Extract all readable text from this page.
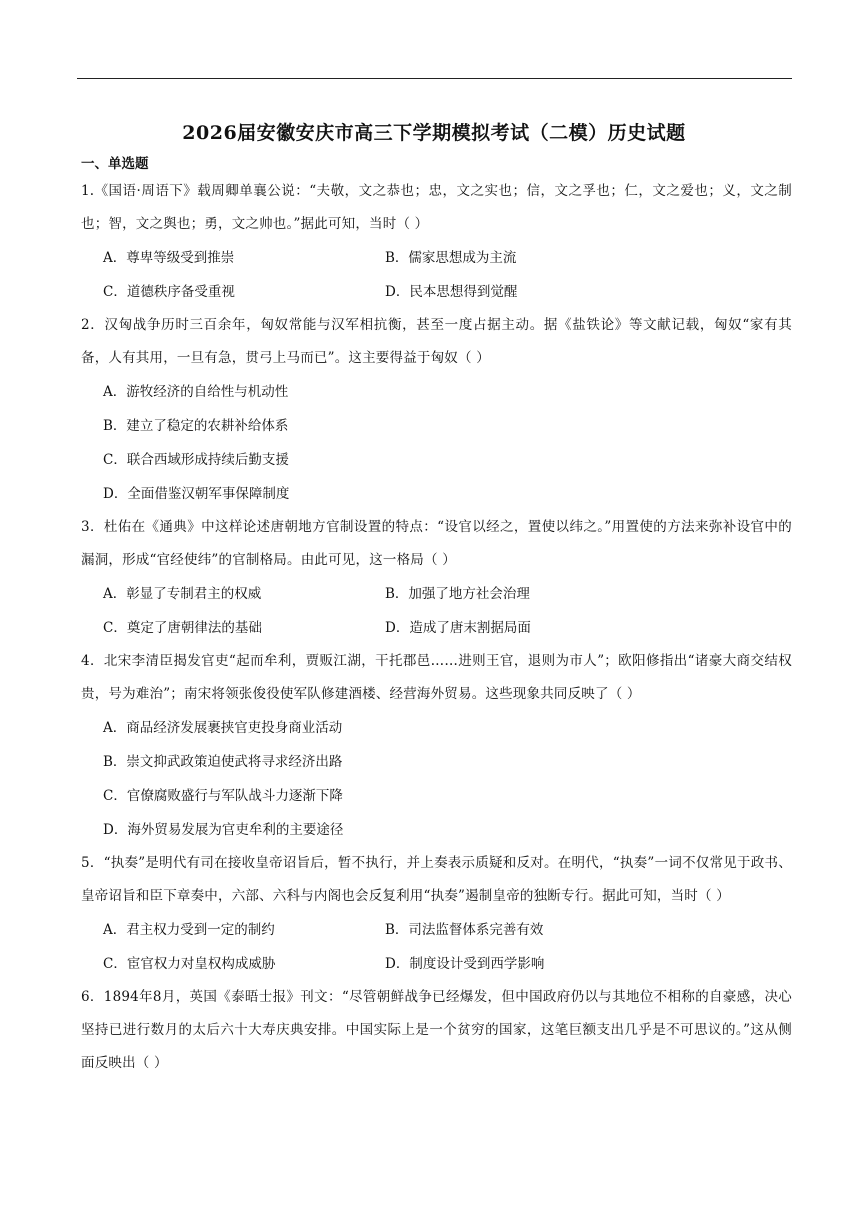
2026届安徽安庆市高三下学期模拟考试（二模）历史试题
一、单选题
1.《国语·周语下》载周卿单襄公说：“夫敬，文之恭也；忠，文之实也；信，文之孚也；仁，文之爱也；义，文之制也；智，文之舆也；勇，文之帅也。”据此可知，当时（ ）
A．尊卑等级受到推崇	B．儒家思想成为主流
C．道德秩序备受重视	D．民本思想得到觉醒
2．汉匈战争历时三百余年，匈奴常能与汉军相抗衡，甚至一度占据主动。据《盐铁论》等文献记载，匈奴“家有其备，人有其用，一旦有急，贯弓上马而已”。这主要得益于匈奴（ ）
A．游牧经济的自给性与机动性
B．建立了稳定的农耕补给体系
C．联合西域形成持续后勤支援
D．全面借鉴汉朝军事保障制度
3．杜佑在《通典》中这样论述唐朝地方官制设置的特点：“设官以经之，置使以纬之。”用置使的方法来弥补设官中的漏洞，形成“官经使纬”的官制格局。由此可见，这一格局（ ）
A．彰显了专制君主的权威	B．加强了地方社会治理
C．奠定了唐朝律法的基础	D．造成了唐末割据局面
4．北宋李清臣揭发官吏“起而牟利，贾贩江湖，干托郡邑……进则王官，退则为市人”；欧阳修指出“诸豪大商交结权贵，号为难治”；南宋将领张俊役使军队修建酒楼、经营海外贸易。这些现象共同反映了（ ）
A．商品经济发展裹挟官吏投身商业活动
B．崇文抑武政策迫使武将寻求经济出路
C．官僚腐败盛行与军队战斗力逐渐下降
D．海外贸易发展为官吏牟利的主要途径
5．“执奏”是明代有司在接收皇帝诏旨后，暂不执行，并上奏表示质疑和反对。在明代，“执奏”一词不仅常见于政书、皇帝诏旨和臣下章奏中，六部、六科与内阁也会反复利用“执奏”遏制皇帝的独断专行。据此可知，当时（ ）
A．君主权力受到一定的制约	B．司法监督体系完善有效
C．宦官权力对皇权构成威胁	D．制度设计受到西学影响
6．1894年8月，英国《泰晤士报》刊文：“尽管朝鲜战争已经爆发，但中国政府仍以与其地位不相称的自豪感，决心坚持已进行数月的太后六十大寿庆典安排。中国实际上是一个贫穷的国家，这笔巨额支出几乎是不可思议的。”这从侧面反映出（ ）
